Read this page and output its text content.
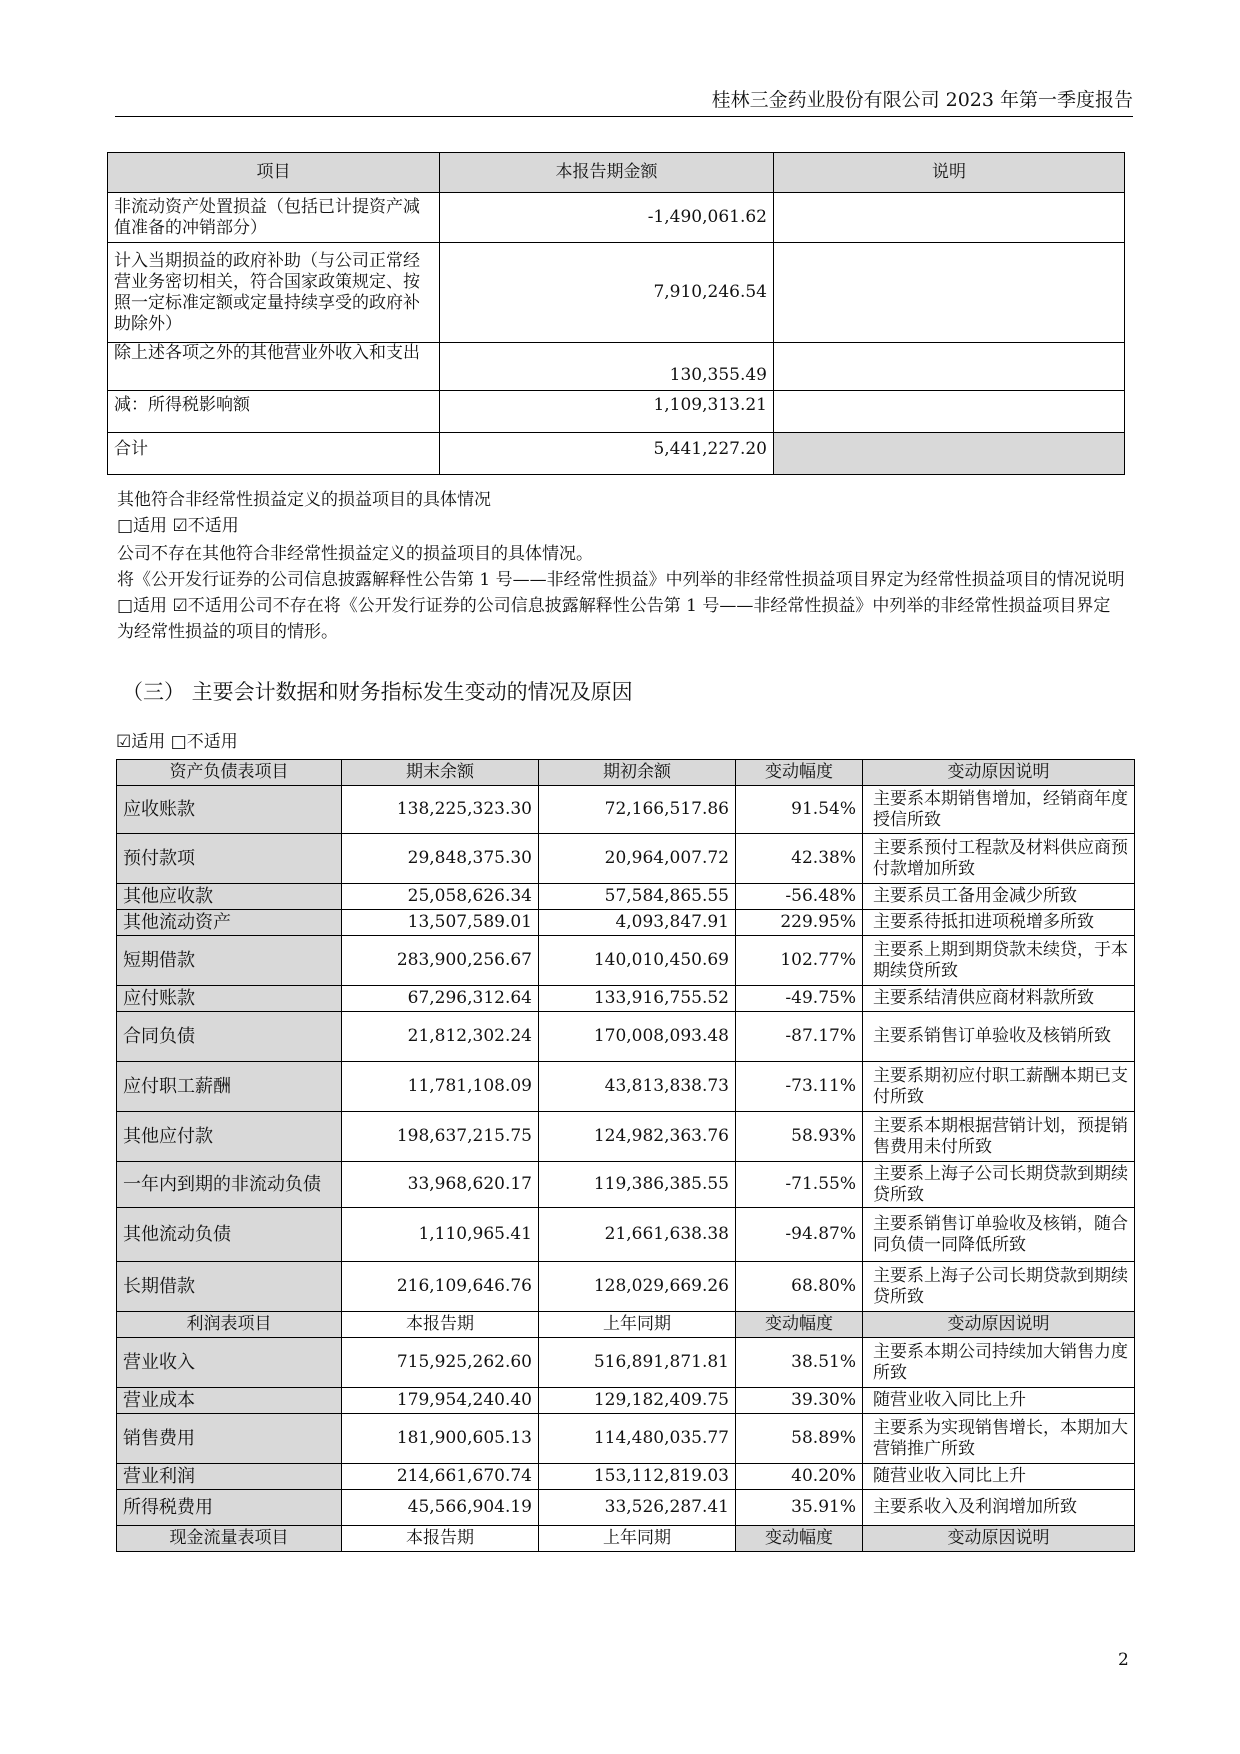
桂林三金药业股份有限公司 2023 年第一季度报告
项目	本报告期金额	说明
非流动资产处置损益（包括已计提资产减值准备的冲销部分）	-1,490,061.62	
计入当期损益的政府补助（与公司正常经营业务密切相关，符合国家政策规定、按照一定标准定额或定量持续享受的政府补助除外）	7,910,246.54	
除上述各项之外的其他营业外收入和支出	130,355.49	
减：所得税影响额	1,109,313.21	
合计	5,441,227.20	
其他符合非经常性损益定义的损益项目的具体情况
□适用 ☑不适用
公司不存在其他符合非经常性损益定义的损益项目的具体情况。
将《公开发行证券的公司信息披露解释性公告第 1 号——非经常性损益》中列举的非经常性损益项目界定为经常性损益项目的情况说明 □适用 ☑不适用公司不存在将《公开发行证券的公司信息披露解释性公告第 1 号——非经常性损益》中列举的非经常性损益项目界定为经常性损益的项目的情形。
（三） 主要会计数据和财务指标发生变动的情况及原因
☑适用 □不适用
资产负债表项目	期末余额	期初余额	变动幅度	变动原因说明
应收账款	138,225,323.30	72,166,517.86	91.54%	主要系本期销售增加，经销商年度授信所致
预付款项	29,848,375.30	20,964,007.72	42.38%	主要系预付工程款及材料供应商预付款增加所致
其他应收款	25,058,626.34	57,584,865.55	-56.48%	主要系员工备用金减少所致
其他流动资产	13,507,589.01	4,093,847.91	229.95%	主要系待抵扣进项税增多所致
短期借款	283,900,256.67	140,010,450.69	102.77%	主要系上期到期贷款未续贷，于本期续贷所致
应付账款	67,296,312.64	133,916,755.52	-49.75%	主要系结清供应商材料款所致
合同负债	21,812,302.24	170,008,093.48	-87.17%	主要系销售订单验收及核销所致
应付职工薪酬	11,781,108.09	43,813,838.73	-73.11%	主要系期初应付职工薪酬本期已支付所致
其他应付款	198,637,215.75	124,982,363.76	58.93%	主要系本期根据营销计划，预提销售费用未付所致
一年内到期的非流动负债	33,968,620.17	119,386,385.55	-71.55%	主要系上海子公司长期贷款到期续贷所致
其他流动负债	1,110,965.41	21,661,638.38	-94.87%	主要系销售订单验收及核销，随合同负债一同降低所致
长期借款	216,109,646.76	128,029,669.26	68.80%	主要系上海子公司长期贷款到期续贷所致
利润表项目	本报告期	上年同期	变动幅度	变动原因说明
营业收入	715,925,262.60	516,891,871.81	38.51%	主要系本期公司持续加大销售力度所致
营业成本	179,954,240.40	129,182,409.75	39.30%	随营业收入同比上升
销售费用	181,900,605.13	114,480,035.77	58.89%	主要系为实现销售增长，本期加大营销推广所致
营业利润	214,661,670.74	153,112,819.03	40.20%	随营业收入同比上升
所得税费用	45,566,904.19	33,526,287.41	35.91%	主要系收入及利润增加所致
现金流量表项目	本报告期	上年同期	变动幅度	变动原因说明
2
